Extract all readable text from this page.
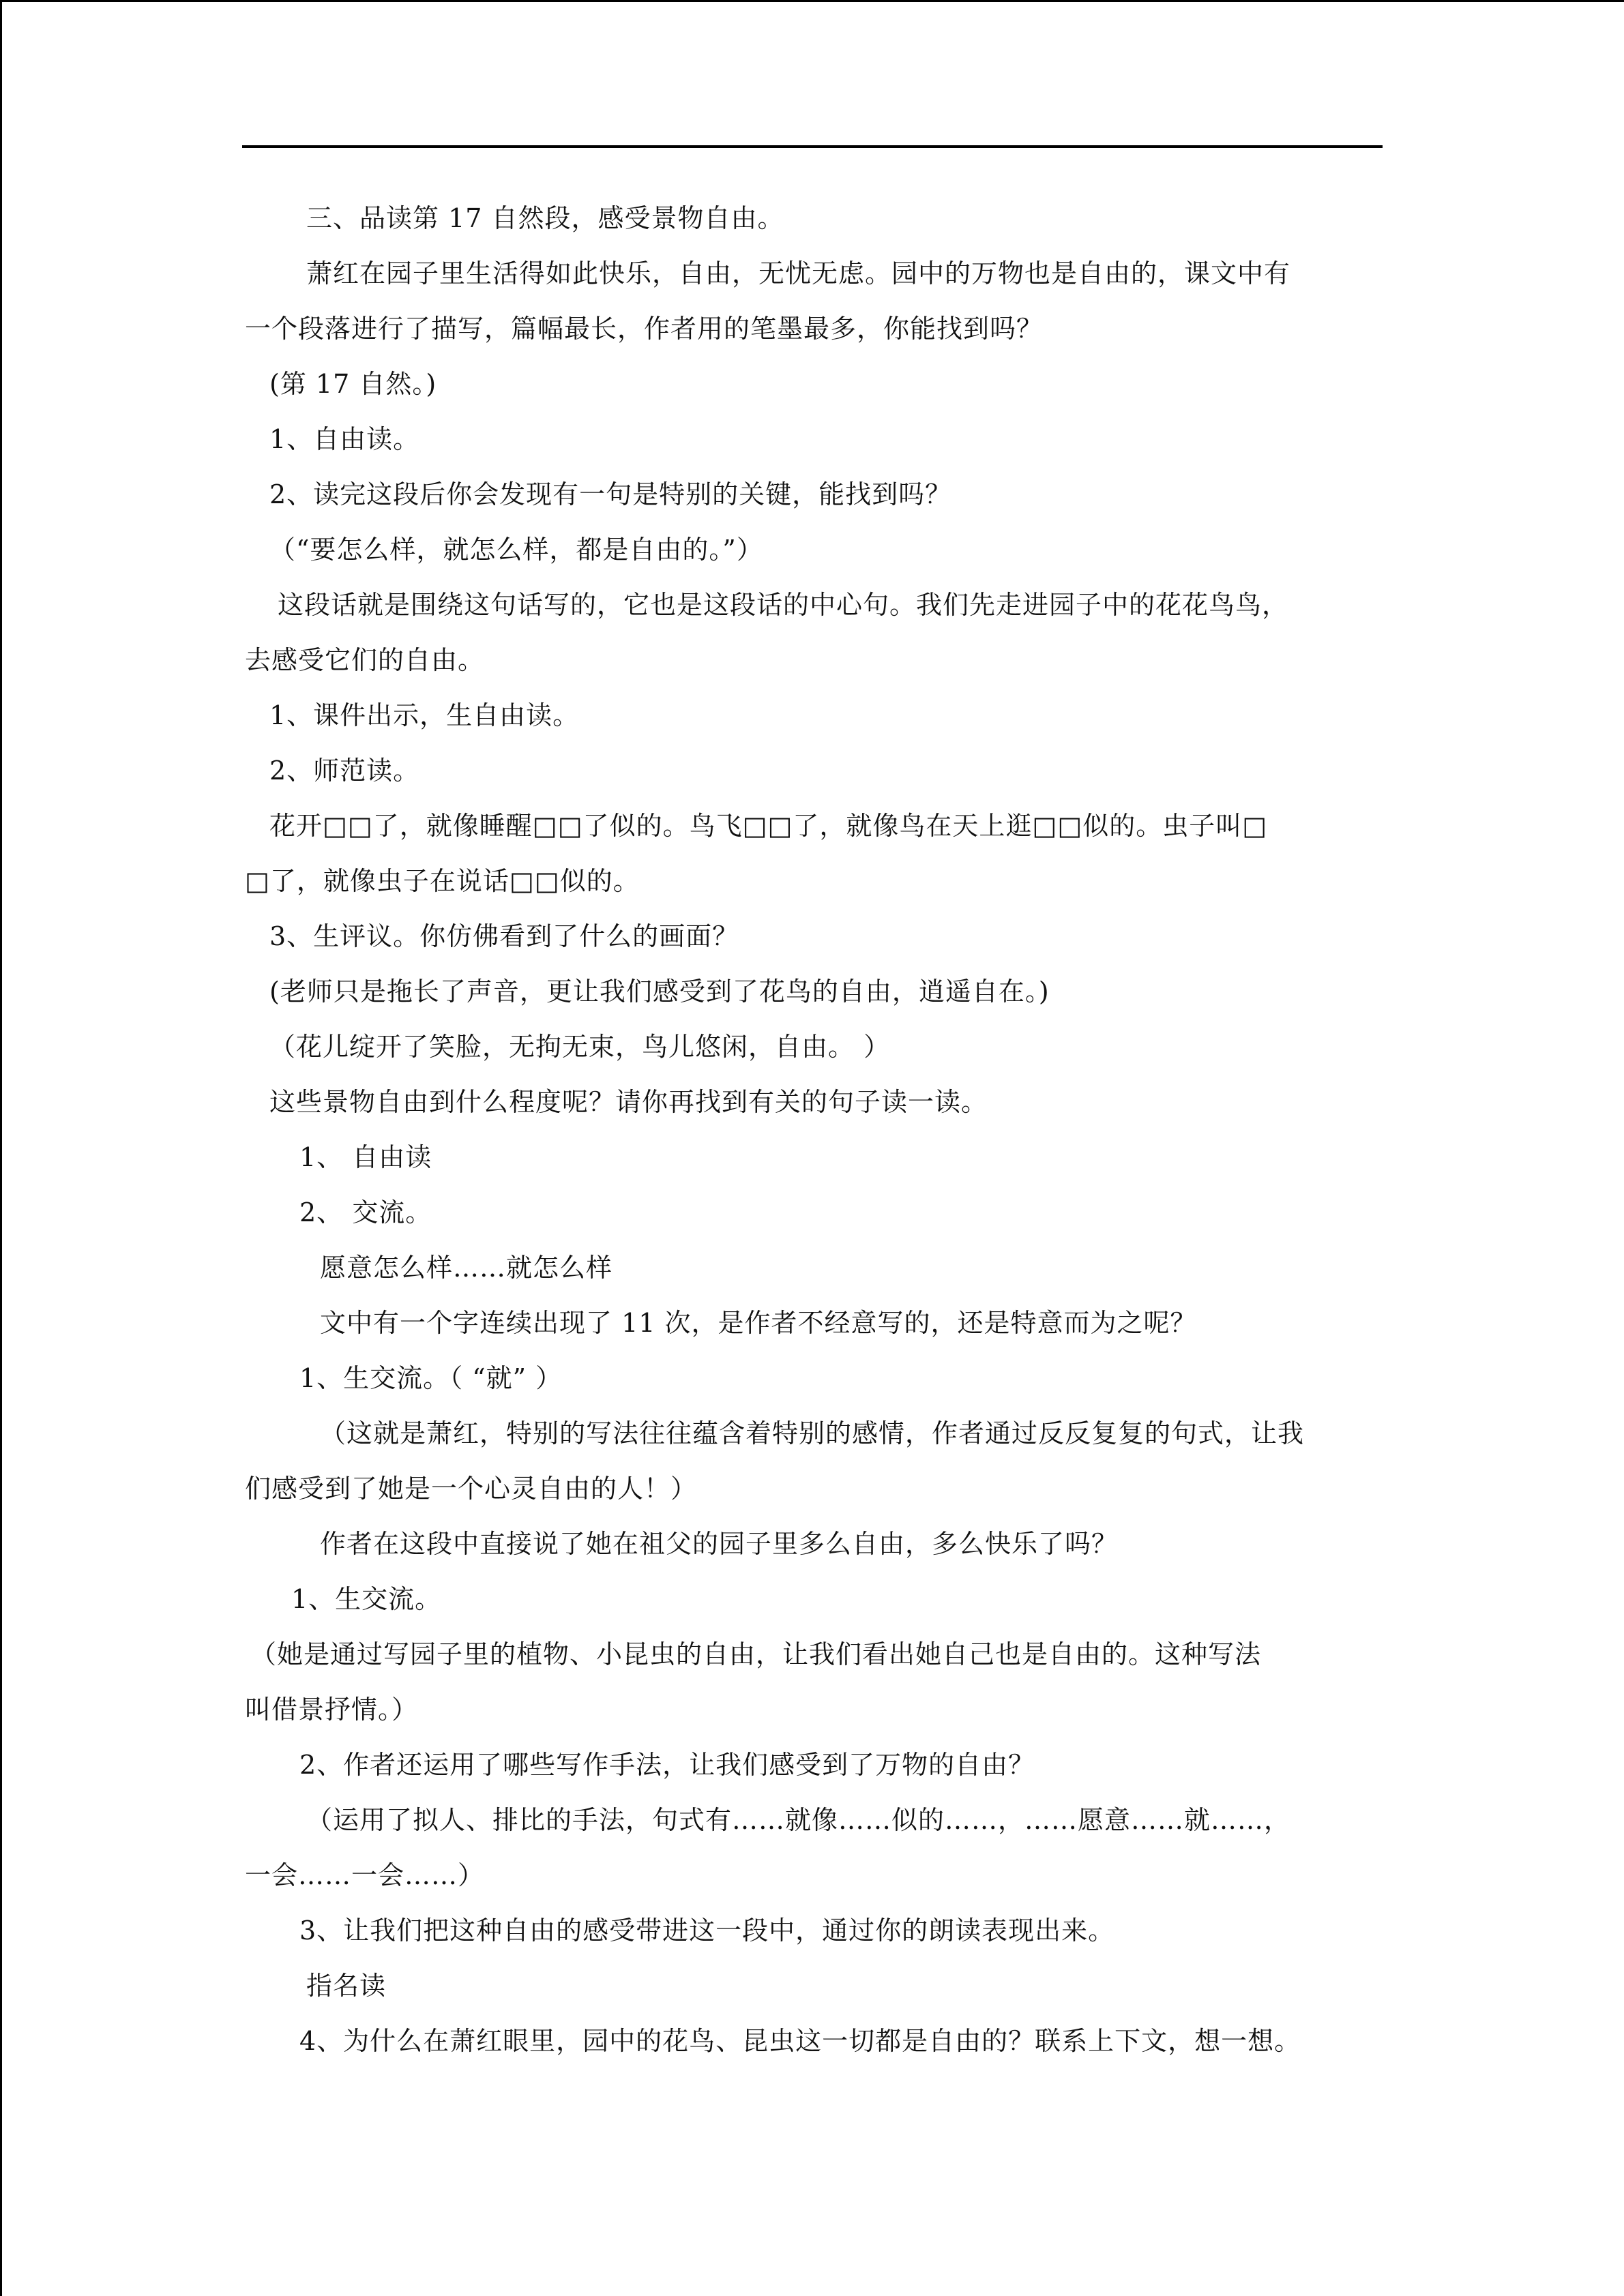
三、品读第 17 自然段，感受景物自由。
萧红在园子里生活得如此快乐，自由，无忧无虑。园中的万物也是自由的，课文中有
一个段落进行了描写，篇幅最长，作者用的笔墨最多，你能找到吗？
(第 17 自然。)
1、自由读。
2、读完这段后你会发现有一句是特别的关键，能找到吗？
（“要怎么样，就怎么样，都是自由的。”）
这段话就是围绕这句话写的，它也是这段话的中心句。我们先走进园子中的花花鸟鸟，
去感受它们的自由。
1、课件出示，生自由读。
2、师范读。
花开□□了，就像睡醒□□了似的。鸟飞□□了，就像鸟在天上逛□□似的。虫子叫□
□了，就像虫子在说话□□似的。
3、生评议。你仿佛看到了什么的画面？
(老师只是拖长了声音，更让我们感受到了花鸟的自由，逍遥自在。)
（花儿绽开了笑脸，无拘无束，鸟儿悠闲，自由。 ）
这些景物自由到什么程度呢？请你再找到有关的句子读一读。
1、 自由读
2、 交流。
愿意怎么样……就怎么样
文中有一个字连续出现了 11 次，是作者不经意写的，还是特意而为之呢？
1、生交流。（ “就” ）
（这就是萧红，特别的写法往往蕴含着特别的感情，作者通过反反复复的句式，让我
们感受到了她是一个心灵自由的人！）
作者在这段中直接说了她在祖父的园子里多么自由，多么快乐了吗？
1、生交流。
（她是通过写园子里的植物、小昆虫的自由，让我们看出她自己也是自由的。这种写法
叫借景抒情。）
2、作者还运用了哪些写作手法，让我们感受到了万物的自由？
（运用了拟人、排比的手法，句式有……就像……似的……，……愿意……就……，
一会……一会……）
3、让我们把这种自由的感受带进这一段中，通过你的朗读表现出来。
指名读
4、为什么在萧红眼里，园中的花鸟、昆虫这一切都是自由的？联系上下文，想一想。
